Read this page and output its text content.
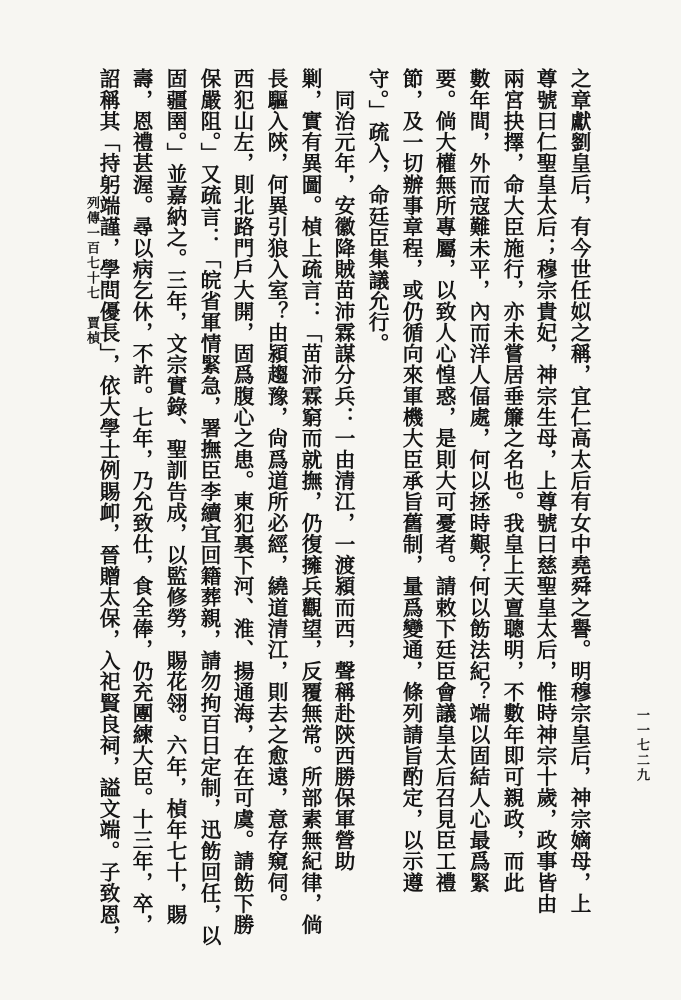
一一七二九
之章獻劉皇后，有今世任姒之稱，宜仁高太后有女中堯舜之譽。明穆宗皇后，神宗嫡母，上
尊號曰仁聖皇太后；穆宗貴妃，神宗生母，上尊號曰慈聖皇太后，惟時神宗十歲，政事皆由
兩宮抉擇，命大臣施行，亦未嘗居垂簾之名也。我皇上天亶聰明，不數年即可親政，而此
數年間，外而寇難未平，內而洋人偪處，何以拯時艱？何以飭法紀？端以固結人心最爲緊
要。倘大權無所專屬，以致人心惶惑，是則大可憂者。請敕下廷臣會議皇太后召見臣工禮
節，及一切辦事章程，或仍循向來軍機大臣承旨舊制，量爲變通，條列請旨酌定，以示遵
守。」疏入，命廷臣集議允行。
　同治元年，安徽降賊苗沛霖謀分兵：一由清江，一渡潁而西，聲稱赴陝西勝保軍營助
剿，實有異圖。楨上疏言：「苗沛霖窮而就撫，仍復擁兵觀望，反覆無常。所部素無紀律，倘
長驅入陝，何異引狼入室？由潁趨豫，尙爲道所必經，繞道清江，則去之愈遠，意存窺伺。
西犯山左，則北路門戶大開，固爲腹心之患。東犯裏下河、淮、揚通海，在在可虞。請飭下勝
保嚴阻。」又疏言：「皖省軍情緊急，署撫臣李續宜回籍葬親，請勿拘百日定制，迅飭回任，以
固疆圉。」並嘉納之。三年，文宗實錄、聖訓告成，以監修勞，賜花翎。六年，楨年七十，賜
壽，恩禮甚渥。尋以病乞休，不許。七年，乃允致仕，食全俸，仍充團練大臣。十三年，卒，
詔稱其「持躬端謹，學問優長」，依大學士例賜卹，晉贈太保，入祀賢良祠，謚文端。子致恩，
列傳一百七十七　賈楨
